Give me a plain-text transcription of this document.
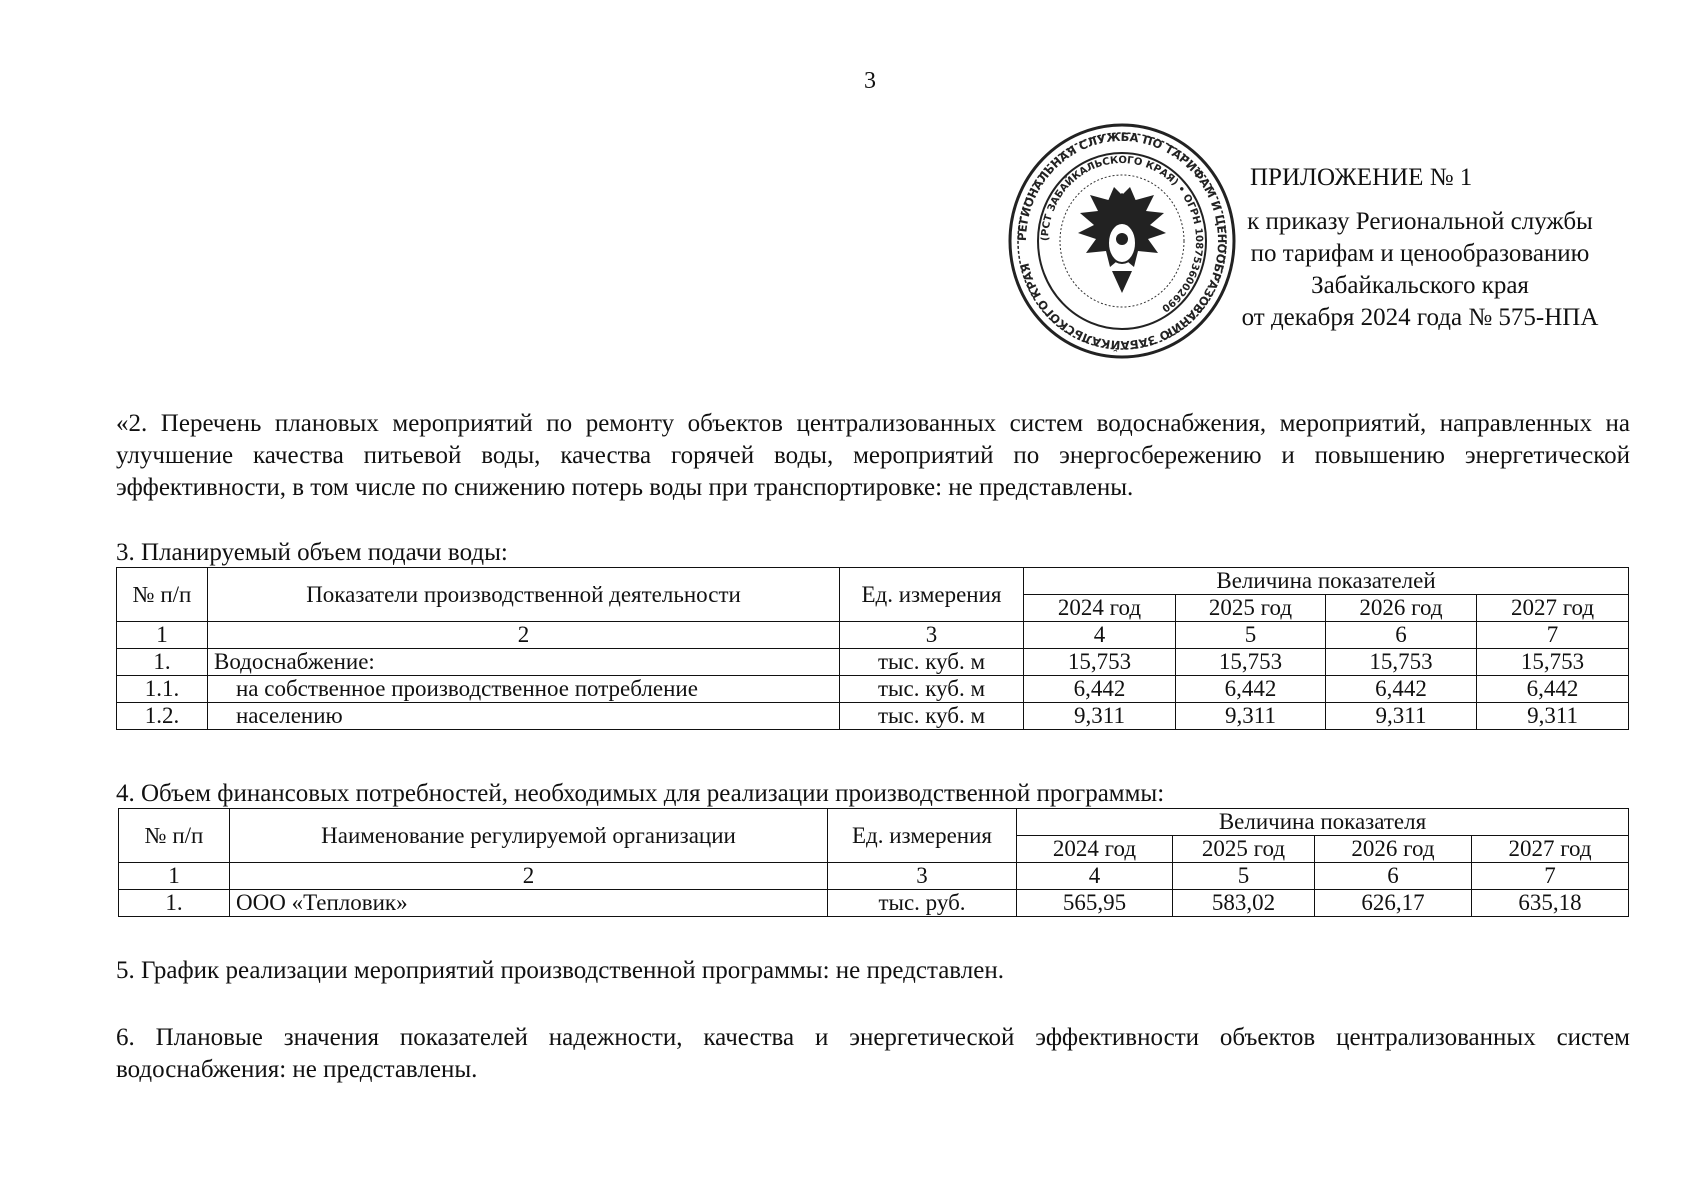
3
ПРИЛОЖЕНИЕ № 1
к приказу Региональной службы
по тарифам и ценообразованию
Забайкальского края
от декабря 2024 года № 575-НПА
РЕГИОНАЛЬНАЯ СЛУЖБА ПО ТАРИФАМ И ЦЕНООБРАЗОВАНИЮ ЗАБАЙКАЛЬСКОГО КРАЯ
(РСТ ЗАБАЙКАЛЬСКОГО КРАЯ) • ОГРН 1087536002690
«2. Перечень плановых мероприятий по ремонту объектов централизованных систем водоснабжения, мероприятий, направленных на улучшение качества питьевой воды, качества горячей воды, мероприятий по энергосбережению и повышению энергетической эффективности, в том числе по снижению потерь воды при транспортировке: не представлены.
3. Планируемый объем подачи воды:
№ п/п	Показатели производственной деятельности	Ед. измерения	Величина показателей			
			2024 год	2025 год	2026 год	2027 год
1	2	3	4	5	6	7
1.	Водоснабжение:	тыс. куб. м	15,753	15,753	15,753	15,753
1.1.	на собственное производственное потребление	тыс. куб. м	6,442	6,442	6,442	6,442
1.2.	населению	тыс. куб. м	9,311	9,311	9,311	9,311
4. Объем финансовых потребностей, необходимых для реализации производственной программы:
№ п/п	Наименование регулируемой организации	Ед. измерения	Величина показателя			
			2024 год	2025 год	2026 год	2027 год
1	2	3	4	5	6	7
1.	ООО «Тепловик»	тыс. руб.	565,95	583,02	626,17	635,18
5. График реализации мероприятий производственной программы: не представлен.
6. Плановые значения показателей надежности, качества и энергетической эффективности объектов централизованных систем водоснабжения: не представлены.
